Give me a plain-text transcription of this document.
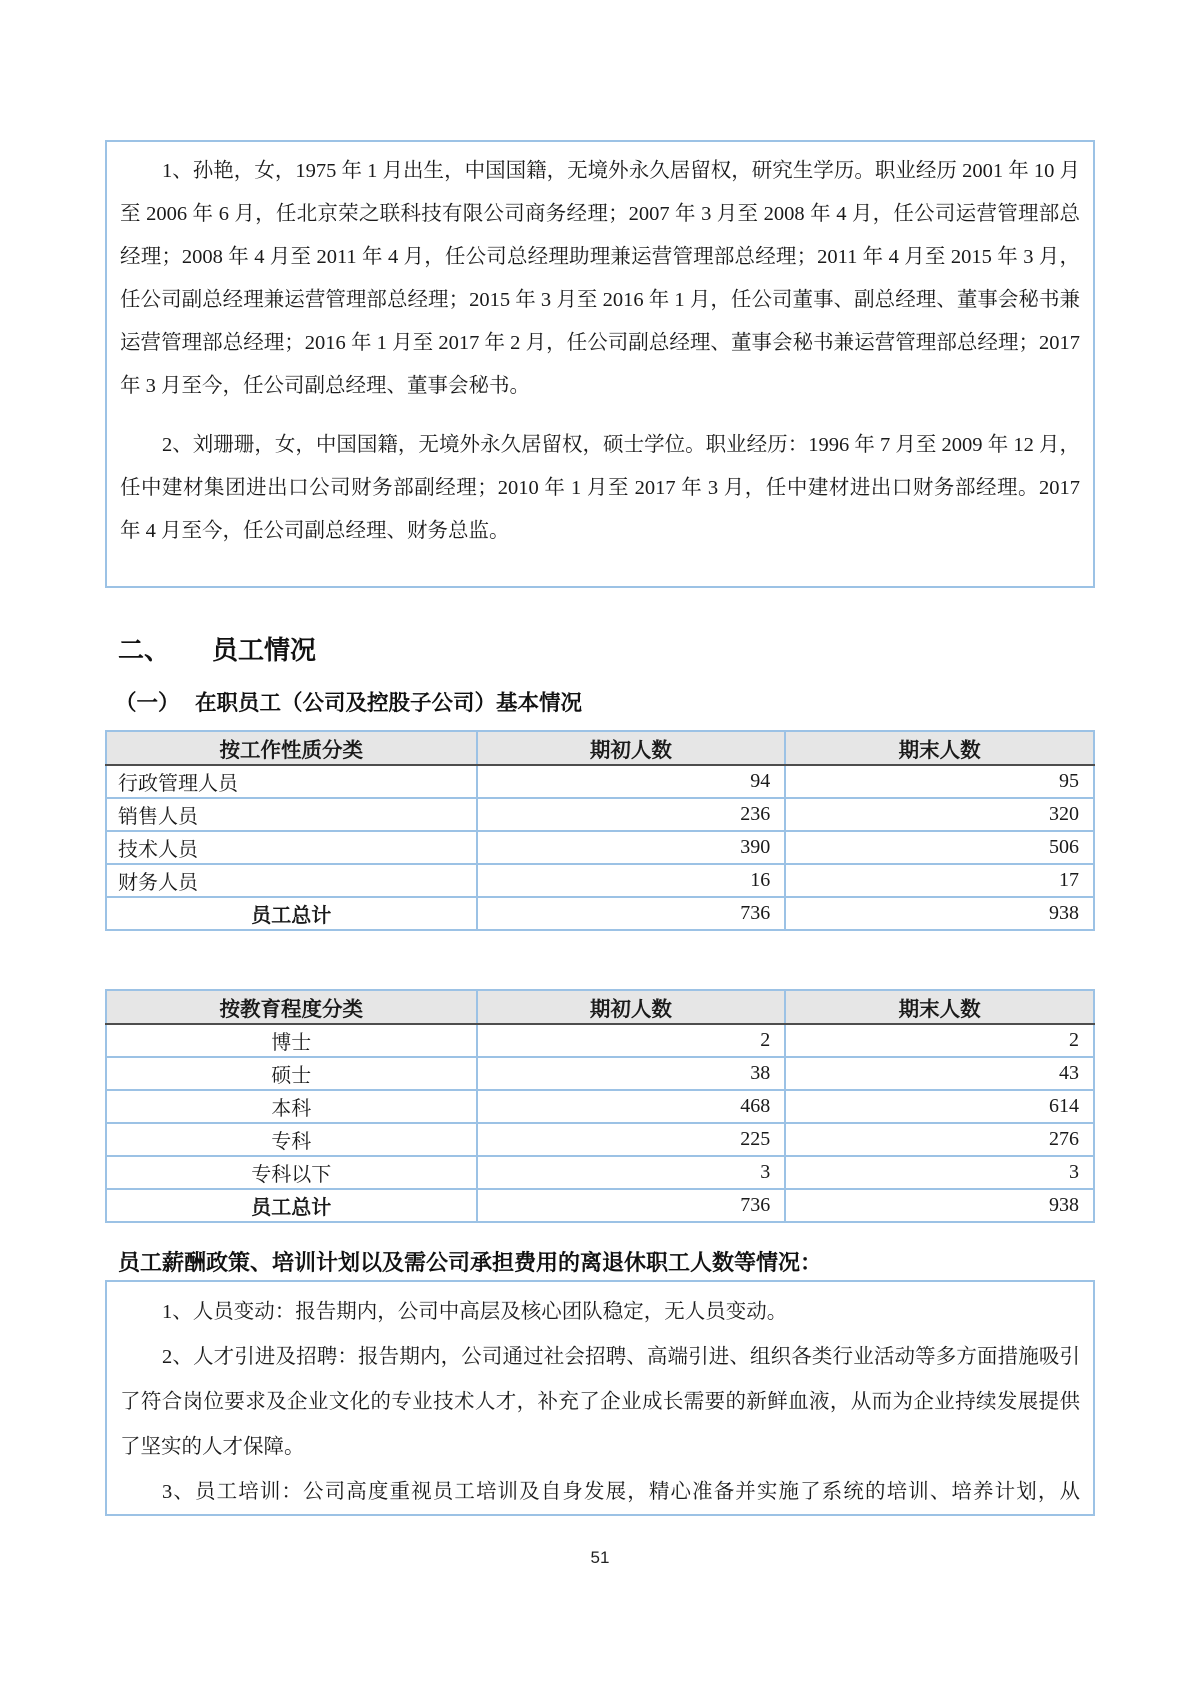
1、孙艳，女，1975 年 1 月出生，中国国籍，无境外永久居留权，研究生学历。职业经历 2001 年 10 月至 2006 年 6 月，任北京荣之联科技有限公司商务经理；2007 年 3 月至 2008 年 4 月，任公司运营管理部总经理；2008 年 4 月至 2011 年 4 月，任公司总经理助理兼运营管理部总经理；2011 年 4 月至 2015 年 3 月，任公司副总经理兼运营管理部总经理；2015 年 3 月至 2016 年 1 月，任公司董事、副总经理、董事会秘书兼运营管理部总经理；2016 年 1 月至 2017 年 2 月，任公司副总经理、董事会秘书兼运营管理部总经理；2017 年 3 月至今，任公司副总经理、董事会秘书。

2、刘珊珊，女，中国国籍，无境外永久居留权，硕士学位。职业经历：1996 年 7 月至 2009 年 12 月，任中建材集团进出口公司财务部副经理；2010 年 1 月至 2017 年 3 月，任中建材进出口财务部经理。2017 年 4 月至今，任公司副总经理、财务总监。

二、 员工情况
（一） 在职员工（公司及控股子公司）基本情况
按工作性质分类	期初人数	期末人数
行政管理人员	94	95
销售人员	236	320
技术人员	390	506
财务人员	16	17
员工总计	736	938
按教育程度分类	期初人数	期末人数
博士	2	2
硕士	38	43
本科	468	614
专科	225	276
专科以下	3	3
员工总计	736	938
员工薪酬政策、培训计划以及需公司承担费用的离退休职工人数等情况：

1、人员变动：报告期内，公司中高层及核心团队稳定，无人员变动。

2、人才引进及招聘：报告期内，公司通过社会招聘、高端引进、组织各类行业活动等多方面措施吸引了符合岗位要求及企业文化的专业技术人才，补充了企业成长需要的新鲜血液，从而为企业持续发展提供了坚实的人才保障。

3、员工培训：公司高度重视员工培训及自身发展，精心准备并实施了系统的培训、培养计划，从

51
